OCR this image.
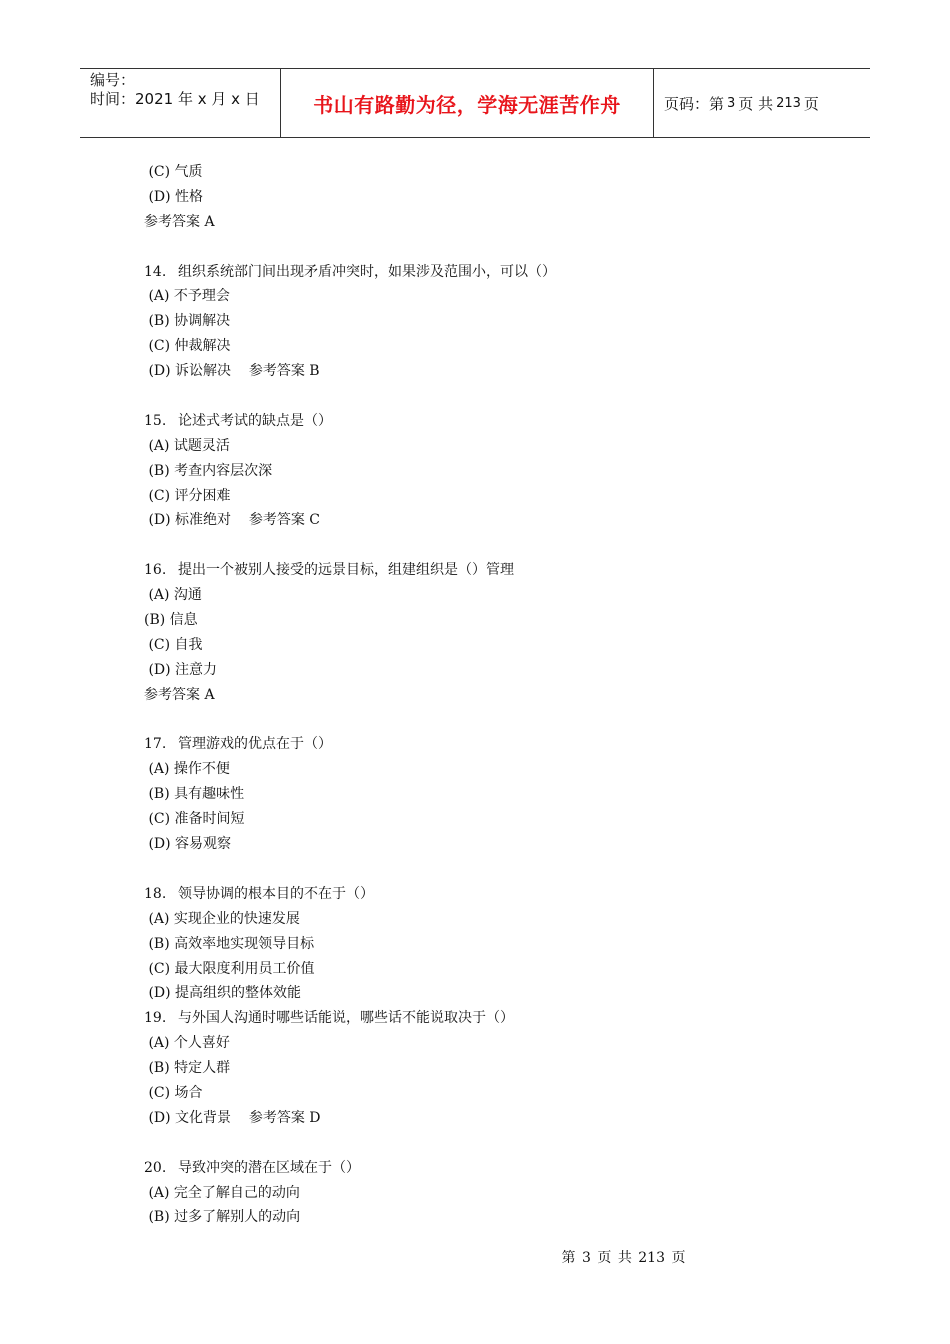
编号：
时间：2021 年 x 月 x 日	书山有路勤为径，学海无涯苦作舟	页码：第 3 页 共 213 页
(C) 气质
(D) 性格
参考答案 A
14. 组织系统部门间出现矛盾冲突时，如果涉及范围小，可以（）
(A) 不予理会
(B) 协调解决
(C) 仲裁解决
(D) 诉讼解决    参考答案 B
15. 论述式考试的缺点是（）
(A) 试题灵活
(B) 考查内容层次深
(C) 评分困难
(D) 标准绝对    参考答案 C
16. 提出一个被别人接受的远景目标，组建组织是（）管理
(A) 沟通
(B) 信息
(C) 自我
(D) 注意力
参考答案 A
17. 管理游戏的优点在于（）
(A) 操作不便
(B) 具有趣味性
(C) 准备时间短
(D) 容易观察
18. 领导协调的根本目的不在于（）
(A) 实现企业的快速发展
(B) 高效率地实现领导目标
(C) 最大限度利用员工价值
(D) 提高组织的整体效能
19. 与外国人沟通时哪些话能说，哪些话不能说取决于（）
(A) 个人喜好
(B) 特定人群
(C) 场合
(D) 文化背景    参考答案 D
20. 导致冲突的潜在区域在于（）
(A) 完全了解自己的动向
(B) 过多了解别人的动向
第 3 页 共 213 页
